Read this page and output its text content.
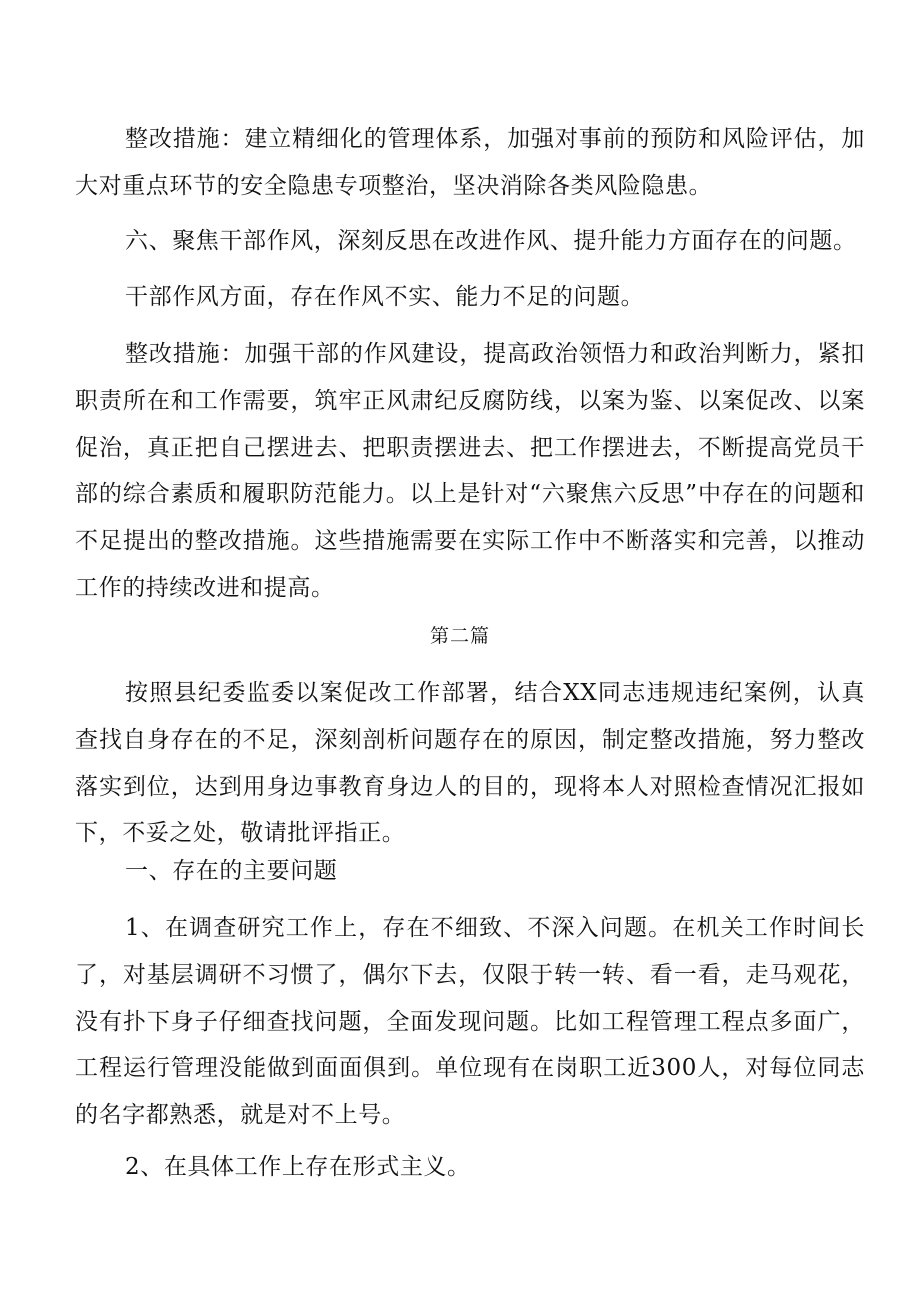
整改措施：建立精细化的管理体系，加强对事前的预防和风险评估，加大对重点环节的安全隐患专项整治，坚决消除各类风险隐患。

六、聚焦干部作风，深刻反思在改进作风、提升能力方面存在的问题。

干部作风方面，存在作风不实、能力不足的问题。

整改措施：加强干部的作风建设，提高政治领悟力和政治判断力，紧扣职责所在和工作需要，筑牢正风肃纪反腐防线，以案为鉴、以案促改、以案促治，真正把自己摆进去、把职责摆进去、把工作摆进去，不断提高党员干部的综合素质和履职防范能力。以上是针对“六聚焦六反思”中存在的问题和不足提出的整改措施。这些措施需要在实际工作中不断落实和完善，以推动工作的持续改进和提高。

第二篇

按照县纪委监委以案促改工作部署，结合XX同志违规违纪案例，认真查找自身存在的不足，深刻剖析问题存在的原因，制定整改措施，努力整改落实到位，达到用身边事教育身边人的目的，现将本人对照检查情况汇报如下，不妥之处，敬请批评指正。

一、存在的主要问题

1、在调查研究工作上，存在不细致、不深入问题。在机关工作时间长了，对基层调研不习惯了，偶尔下去，仅限于转一转、看一看，走马观花，没有扑下身子仔细查找问题，全面发现问题。比如工程管理工程点多面广，工程运行管理没能做到面面俱到。单位现有在岗职工近300人，对每位同志的名字都熟悉，就是对不上号。

2、在具体工作上存在形式主义。
